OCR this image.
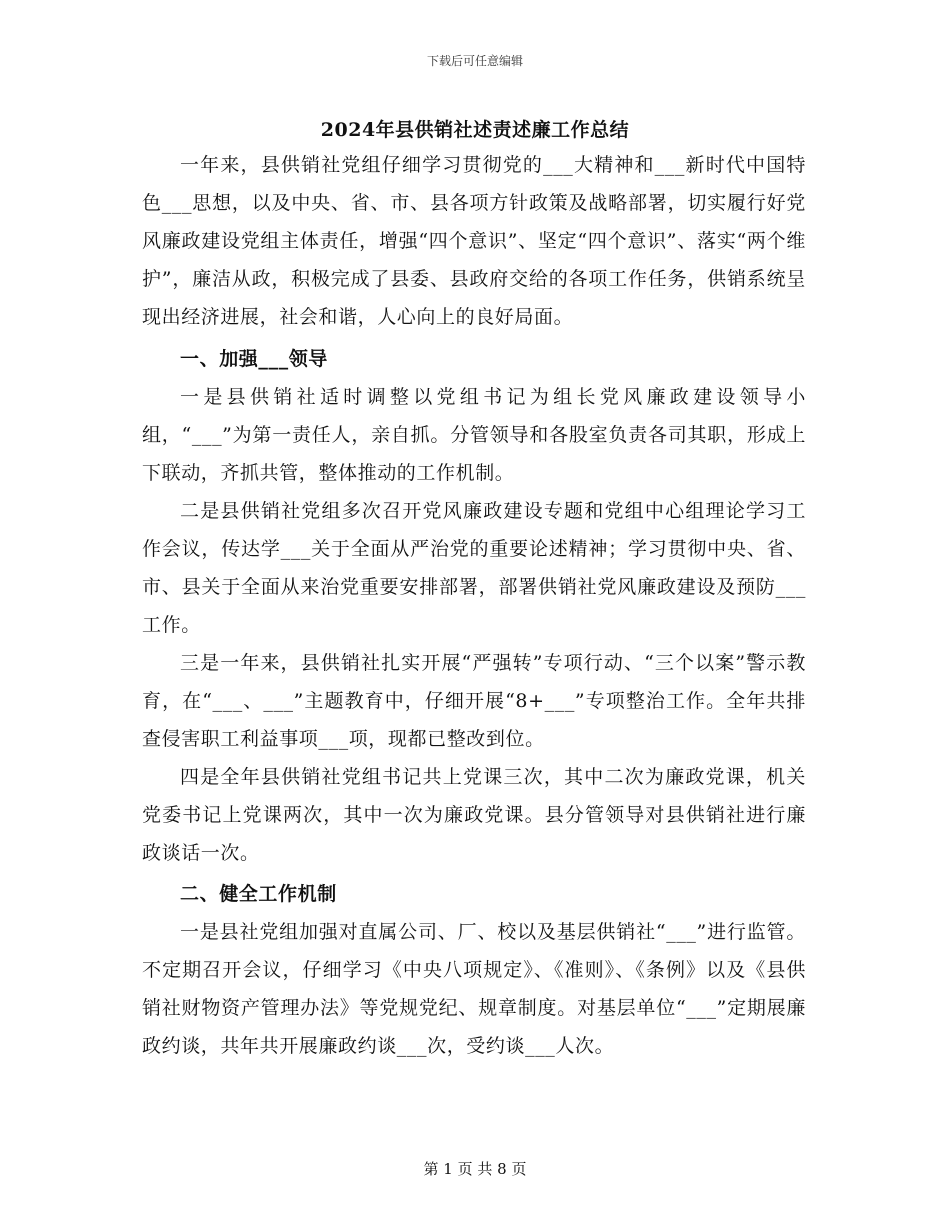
下载后可任意编辑
2024年县供销社述责述廉工作总结

一年来，县供销社党组仔细学习贯彻党的___大精神和___新时代中国特色___思想，以及中央、省、市、县各项方针政策及战略部署，切实履行好党风廉政建设党组主体责任，增强“四个意识”、坚定“四个意识”、落实“两个维护”，廉洁从政，积极完成了县委、县政府交给的各项工作任务，供销系统呈现出经济进展，社会和谐，人心向上的良好局面。

一、加强___领导

一是县供销社适时调整以党组书记为组长党风廉政建设领导小组，“___”为第一责任人，亲自抓。分管领导和各股室负责各司其职，形成上下联动，齐抓共管，整体推动的工作机制。

二是县供销社党组多次召开党风廉政建设专题和党组中心组理论学习工作会议，传达学___关于全面从严治党的重要论述精神；学习贯彻中央、省、市、县关于全面从来治党重要安排部署，部署供销社党风廉政建设及预防___工作。

三是一年来，县供销社扎实开展“严强转”专项行动、“三个以案”警示教育，在“___、___”主题教育中，仔细开展“8+___”专项整治工作。全年共排查侵害职工利益事项___项，现都已整改到位。

四是全年县供销社党组书记共上党课三次，其中二次为廉政党课，机关党委书记上党课两次，其中一次为廉政党课。县分管领导对县供销社进行廉政谈话一次。

二、健全工作机制

一是县社党组加强对直属公司、厂、校以及基层供销社“___”进行监管。不定期召开会议，仔细学习《中央八项规定》、《准则》、《条例》以及《县供销社财物资产管理办法》等党规党纪、规章制度。对基层单位“___”定期展廉政约谈，共年共开展廉政约谈___次，受约谈___人次。

第 1 页 共 8 页
